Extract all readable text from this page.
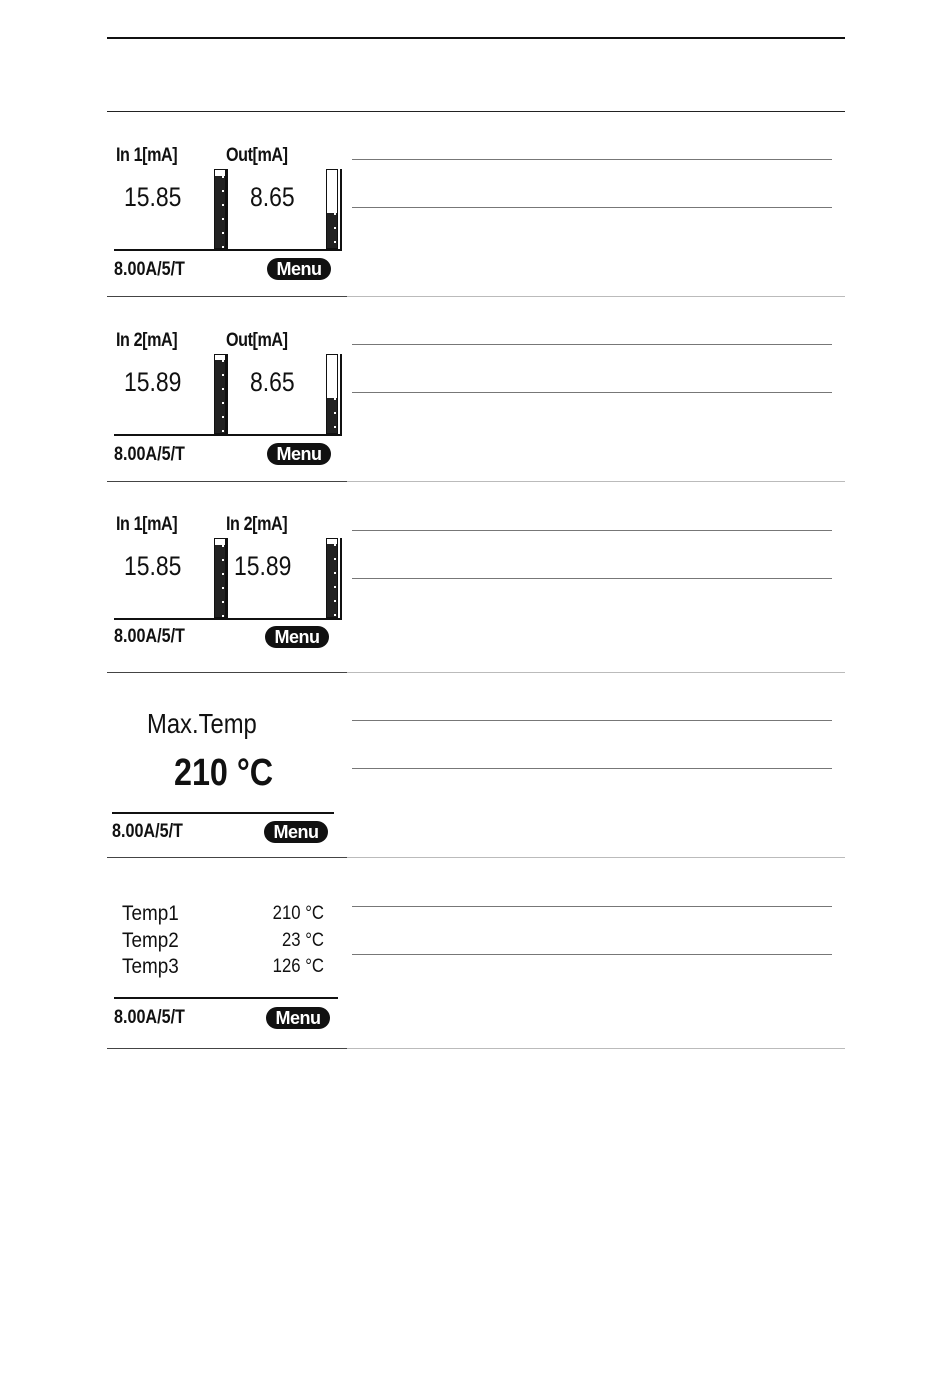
In 1[mA]	Out[mA]
15.85	8.65
8.00A/5/T	Menu
In 2[mA]	Out[mA]
15.89	8.65
8.00A/5/T	Menu
In 1[mA]	In 2[mA]
15.85 15.89
8.00A/5/T	Menu
Max.Temp
210 °C
8.00A/5/T	Menu
Temp1	210 °C
Temp2	23 °C
Temp3	126 °C
8.00A/5/T	Menu
